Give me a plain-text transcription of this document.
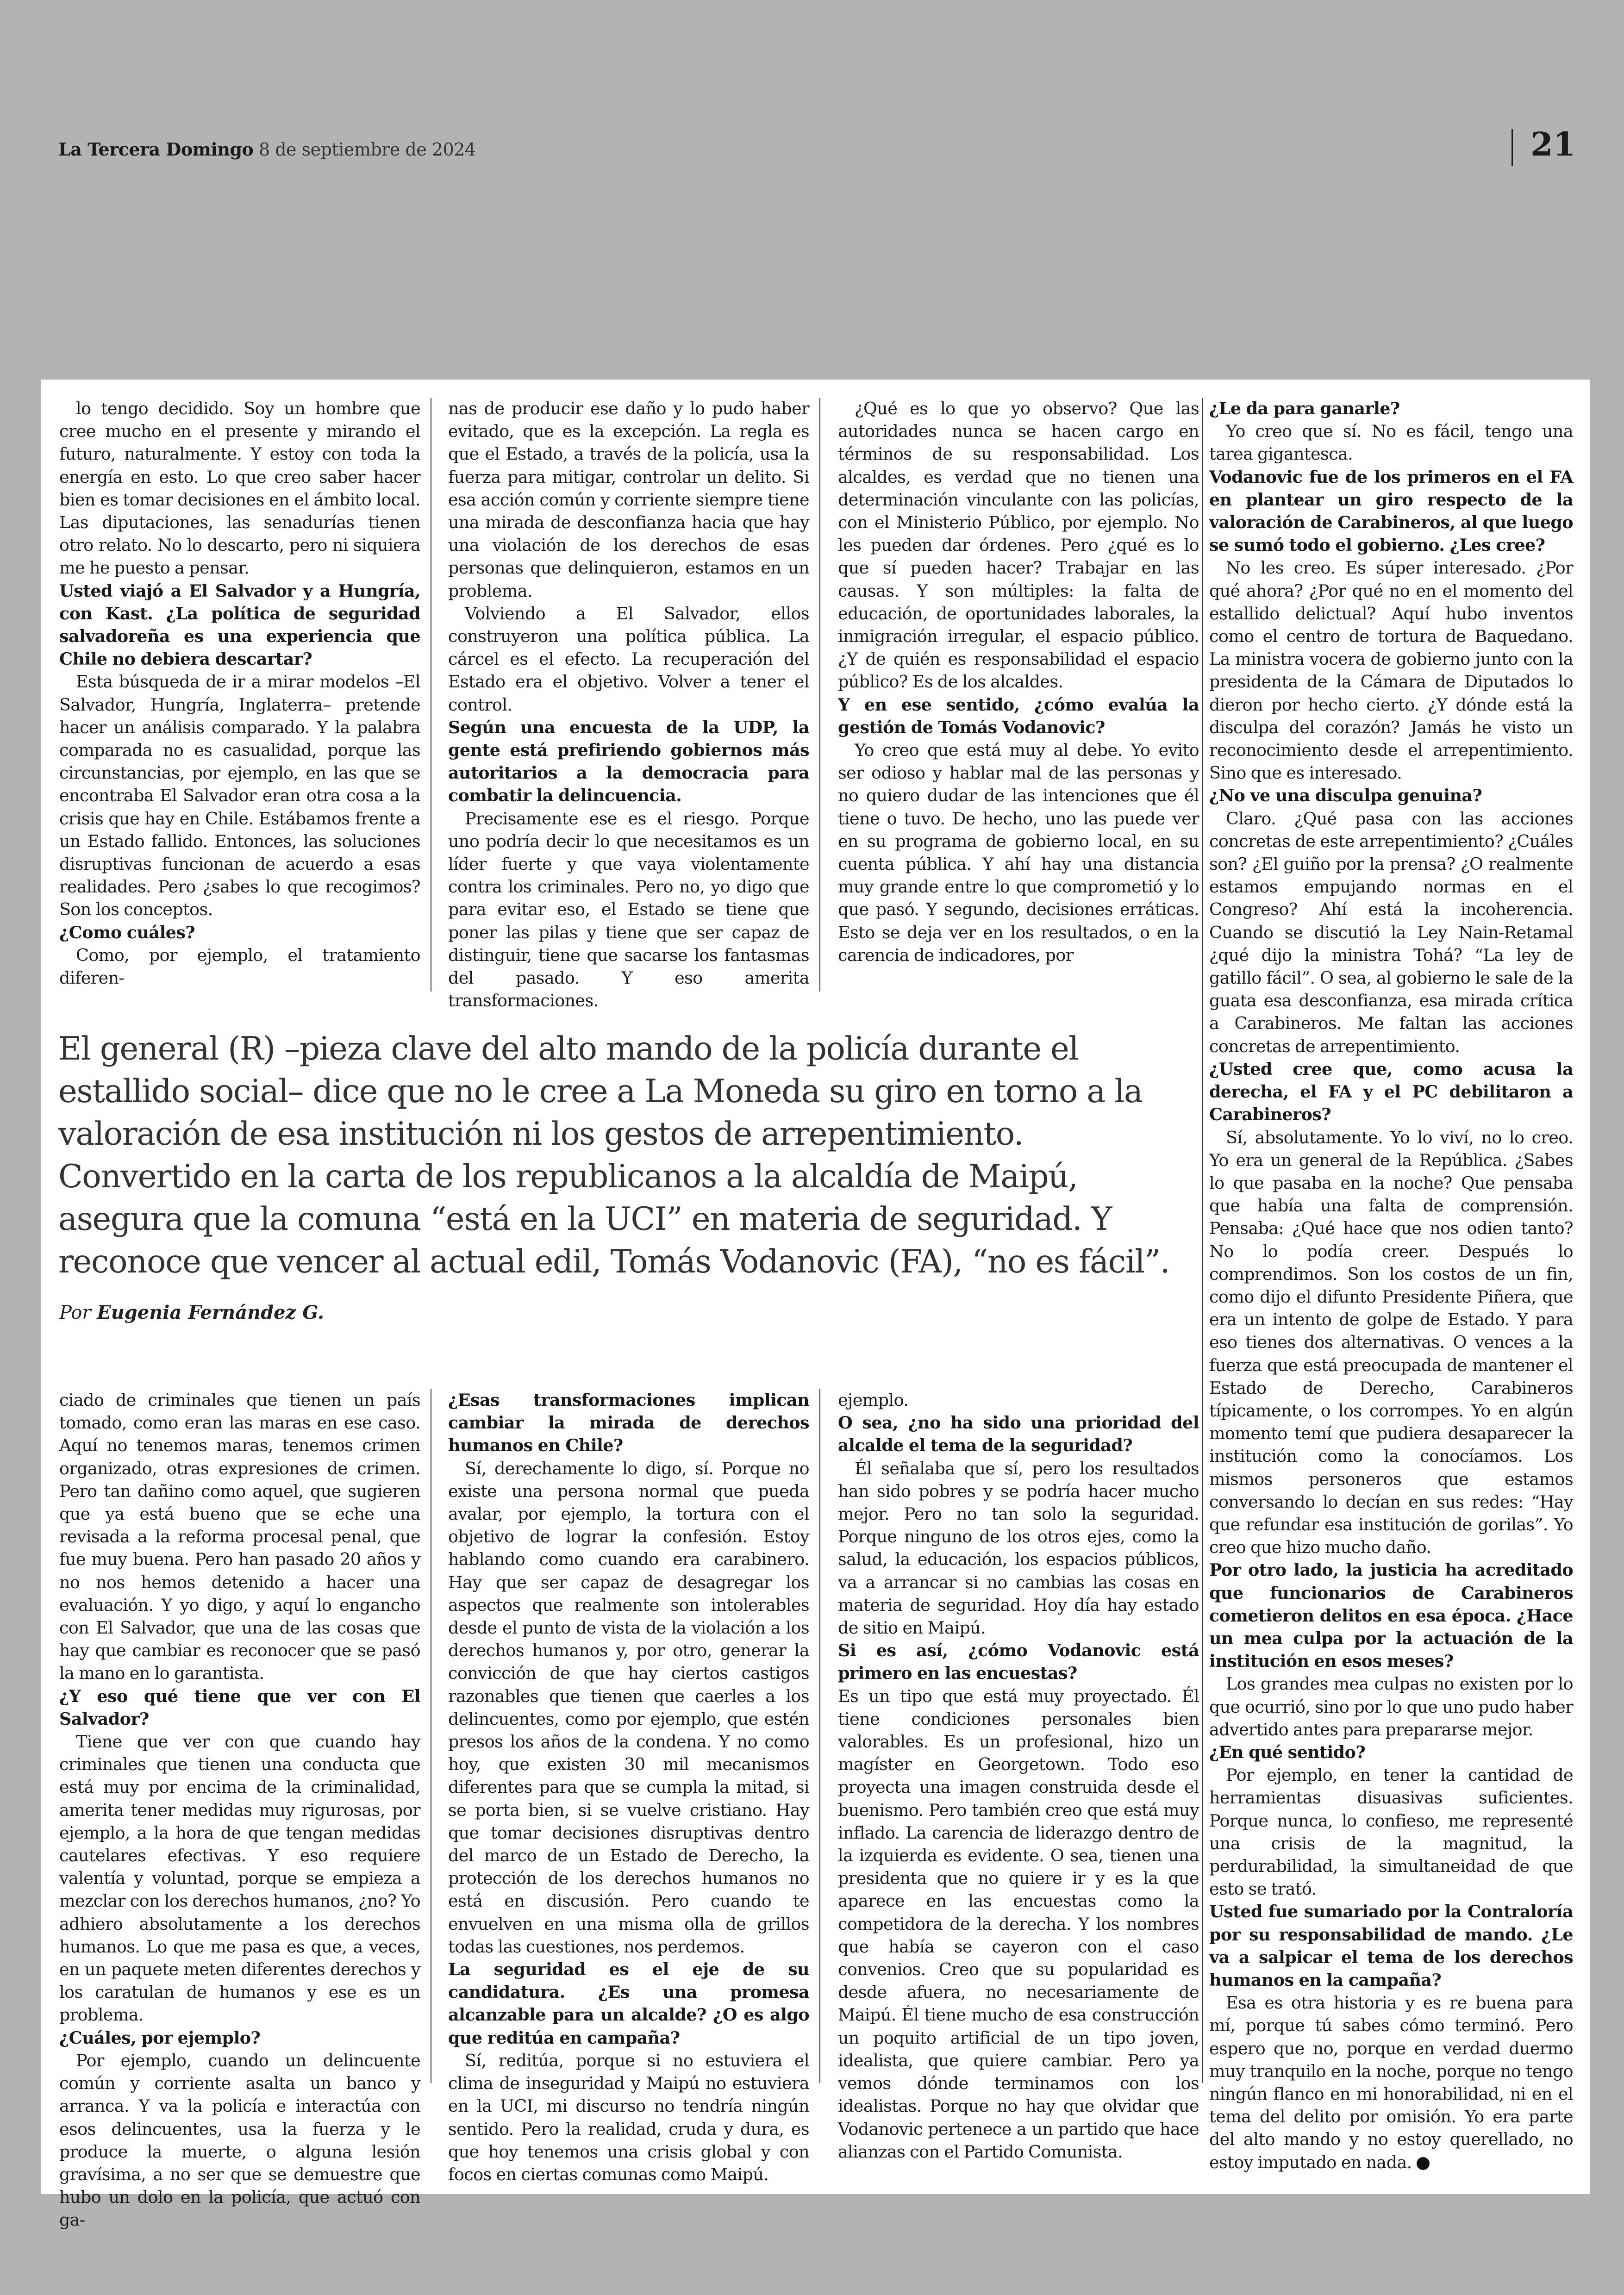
La Tercera Domingo 8 de septiembre de 2024	21

lo tengo decidido. Soy un hombre que cree mucho en el presente y mirando el futuro, naturalmente. Y estoy con toda la energía en esto. Lo que creo saber hacer bien es tomar decisiones en el ámbito local. Las diputaciones, las senadurías tienen otro relato. No lo descarto, pero ni siquiera me he puesto a pensar.

Usted viajó a El Salvador y a Hungría, con Kast. ¿La política de seguridad salvadoreña es una experiencia que Chile no debiera descartar?

Esta búsqueda de ir a mirar modelos –El Salvador, Hungría, Inglaterra– pretende hacer un análisis comparado. Y la palabra comparada no es casualidad, porque las circunstancias, por ejemplo, en las que se encontraba El Salvador eran otra cosa a la crisis que hay en Chile. Estábamos frente a un Estado fallido. Entonces, las soluciones disruptivas funcionan de acuerdo a esas realidades. Pero ¿sabes lo que recogimos? Son los conceptos.

¿Como cuáles?

Como, por ejemplo, el tratamiento diferen-

nas de producir ese daño y lo pudo haber evitado, que es la excepción. La regla es que el Estado, a través de la policía, usa la fuerza para mitigar, controlar un delito. Si esa acción común y corriente siempre tiene una mirada de desconfianza hacia que hay una violación de los derechos de esas personas que delinquieron, estamos en un problema.

Volviendo a El Salvador, ellos construyeron una política pública. La cárcel es el efecto. La recuperación del Estado era el objetivo. Volver a tener el control.

Según una encuesta de la UDP, la gente está prefiriendo gobiernos más autoritarios a la democracia para combatir la delincuencia.

Precisamente ese es el riesgo. Porque uno podría decir lo que necesitamos es un líder fuerte y que vaya violentamente contra los criminales. Pero no, yo digo que para evitar eso, el Estado se tiene que poner las pilas y tiene que ser capaz de distinguir, tiene que sacarse los fantasmas del pasado. Y eso amerita transformaciones.

¿Qué es lo que yo observo? Que las autoridades nunca se hacen cargo en términos de su responsabilidad. Los alcaldes, es verdad que no tienen una determinación vinculante con las policías, con el Ministerio Público, por ejemplo. No les pueden dar órdenes. Pero ¿qué es lo que sí pueden hacer? Trabajar en las causas. Y son múltiples: la falta de educación, de oportunidades laborales, la inmigración irregular, el espacio público. ¿Y de quién es responsabilidad el espacio público? Es de los alcaldes.

Y en ese sentido, ¿cómo evalúa la gestión de Tomás Vodanovic?

Yo creo que está muy al debe. Yo evito ser odioso y hablar mal de las personas y no quiero dudar de las intenciones que él tiene o tuvo. De hecho, uno las puede ver en su programa de gobierno local, en su cuenta pública. Y ahí hay una distancia muy grande entre lo que comprometió y lo que pasó. Y segundo, decisiones erráticas. Esto se deja ver en los resultados, o en la carencia de indicadores, por

¿Le da para ganarle?

Yo creo que sí. No es fácil, tengo una tarea gigantesca.

Vodanovic fue de los primeros en el FA en plantear un giro respecto de la valoración de Carabineros, al que luego se sumó todo el gobierno. ¿Les cree?

No les creo. Es súper interesado. ¿Por qué ahora? ¿Por qué no en el momento del estallido delictual? Aquí hubo inventos como el centro de tortura de Baquedano. La ministra vocera de gobierno junto con la presidenta de la Cámara de Diputados lo dieron por hecho cierto. ¿Y dónde está la disculpa del corazón? Jamás he visto un reconocimiento desde el arrepentimiento. Sino que es interesado.

¿No ve una disculpa genuina?

Claro. ¿Qué pasa con las acciones concretas de este arrepentimiento? ¿Cuáles son? ¿El guiño por la prensa? ¿O realmente estamos empujando normas en el Congreso? Ahí está la incoherencia. Cuando se discutió la Ley Nain-Retamal ¿qué dijo la ministra Tohá? “La ley de gatillo fácil”. O sea, al gobierno le sale de la guata esa desconfianza, esa mirada crítica a Carabineros. Me faltan las acciones concretas de arrepentimiento.

¿Usted cree que, como acusa la derecha, el FA y el PC debilitaron a Carabineros?

Sí, absolutamente. Yo lo viví, no lo creo. Yo era un general de la República. ¿Sabes lo que pasaba en la noche? Que pensaba que había una falta de comprensión. Pensaba: ¿Qué hace que nos odien tanto? No lo podía creer. Después lo comprendimos. Son los costos de un fin, como dijo el difunto Presidente Piñera, que era un intento de golpe de Estado. Y para eso tienes dos alternativas. O vences a la fuerza que está preocupada de mantener el Estado de Derecho, Carabineros típicamente, o los corrompes. Yo en algún momento temí que pudiera desaparecer la institución como la conocíamos. Los mismos personeros que estamos conversando lo decían en sus redes: “Hay que refundar esa institución de gorilas”. Yo creo que hizo mucho daño.

Por otro lado, la justicia ha acreditado que funcionarios de Carabineros cometieron delitos en esa época. ¿Hace un mea culpa por la actuación de la institución en esos meses?

Los grandes mea culpas no existen por lo que ocurrió, sino por lo que uno pudo haber advertido antes para prepararse mejor.

¿En qué sentido?

Por ejemplo, en tener la cantidad de herramientas disuasivas suficientes. Porque nunca, lo confieso, me representé una crisis de la magnitud, la perdurabilidad, la simultaneidad de que esto se trató.

Usted fue sumariado por la Contraloría por su responsabilidad de mando. ¿Le va a salpicar el tema de los derechos humanos en la campaña?

Esa es otra historia y es re buena para mí, porque tú sabes cómo terminó. Pero espero que no, porque en verdad duermo muy tranquilo en la noche, porque no tengo ningún flanco en mi honorabilidad, ni en el tema del delito por omisión. Yo era parte del alto mando y no estoy querellado, no estoy imputado en nada.	●

El general (R) –pieza clave del alto mando de la policía durante el estallido social– dice que no le cree a La Moneda su giro en torno a la valoración de esa institución ni los gestos de arrepentimiento. Convertido en la carta de los republicanos a la alcaldía de Maipú, asegura que la comuna “está en la UCI” en materia de seguridad. Y reconoce que vencer al actual edil, Tomás Vodanovic (FA), “no es fácil”.
Por Eugenia Fernández G.

ciado de criminales que tienen un país tomado, como eran las maras en ese caso. Aquí no tenemos maras, tenemos crimen organizado, otras expresiones de crimen. Pero tan dañino como aquel, que sugieren que ya está bueno que se eche una revisada a la reforma procesal penal, que fue muy buena. Pero han pasado 20 años y no nos hemos detenido a hacer una evaluación. Y yo digo, y aquí lo engancho con El Salvador, que una de las cosas que hay que cambiar es reconocer que se pasó la mano en lo garantista.

¿Y eso qué tiene que ver con El Salvador?

Tiene que ver con que cuando hay criminales que tienen una conducta que está muy por encima de la criminalidad, amerita tener medidas muy rigurosas, por ejemplo, a la hora de que tengan medidas cautelares efectivas. Y eso requiere valentía y voluntad, porque se empieza a mezclar con los derechos humanos, ¿no? Yo adhiero absolutamente a los derechos humanos. Lo que me pasa es que, a veces, en un paquete meten diferentes derechos y los caratulan de humanos y ese es un problema.

¿Cuáles, por ejemplo?

Por ejemplo, cuando un delincuente común y corriente asalta un banco y arranca. Y va la policía e interactúa con esos delincuentes, usa la fuerza y le produce la muerte, o alguna lesión gravísima, a no ser que se demuestre que hubo un dolo en la policía, que actuó con ga-

¿Esas transformaciones implican cambiar la mirada de derechos humanos en Chile?

Sí, derechamente lo digo, sí. Porque no existe una persona normal que pueda avalar, por ejemplo, la tortura con el objetivo de lograr la confesión. Estoy hablando como cuando era carabinero. Hay que ser capaz de desagregar los aspectos que realmente son intolerables desde el punto de vista de la violación a los derechos humanos y, por otro, generar la convicción de que hay ciertos castigos razonables que tienen que caerles a los delincuentes, como por ejemplo, que estén presos los años de la condena. Y no como hoy, que existen 30 mil mecanismos diferentes para que se cumpla la mitad, si se porta bien, si se vuelve cristiano. Hay que tomar decisiones disruptivas dentro del marco de un Estado de Derecho, la protección de los derechos humanos no está en discusión. Pero cuando te envuelven en una misma olla de grillos todas las cuestiones, nos perdemos.

La seguridad es el eje de su candidatura. ¿Es una promesa alcanzable para un alcalde? ¿O es algo que reditúa en campaña?

Sí, reditúa, porque si no estuviera el clima de inseguridad y Maipú no estuviera en la UCI, mi discurso no tendría ningún sentido. Pero la realidad, cruda y dura, es que hoy tenemos una crisis global y con focos en ciertas comunas como Maipú.

ejemplo.

O sea, ¿no ha sido una prioridad del alcalde el tema de la seguridad?

Él señalaba que sí, pero los resultados han sido pobres y se podría hacer mucho mejor. Pero no tan solo la seguridad. Porque ninguno de los otros ejes, como la salud, la educación, los espacios públicos, va a arrancar si no cambias las cosas en materia de seguridad. Hoy día hay estado de sitio en Maipú.

Si es así, ¿cómo Vodanovic está primero en las encuestas?

Es un tipo que está muy proyectado. Él tiene condiciones personales bien valorables. Es un profesional, hizo un magíster en Georgetown. Todo eso proyecta una imagen construida desde el buenismo. Pero también creo que está muy inflado. La carencia de liderazgo dentro de la izquierda es evidente. O sea, tienen una presidenta que no quiere ir y es la que aparece en las encuestas como la competidora de la derecha. Y los nombres que había se cayeron con el caso convenios. Creo que su popularidad es desde afuera, no necesariamente de Maipú. Él tiene mucho de esa construcción un poquito artificial de un tipo joven, idealista, que quiere cambiar. Pero ya vemos dónde terminamos con los idealistas. Porque no hay que olvidar que Vodanovic pertenece a un partido que hace alianzas con el Partido Comunista.
